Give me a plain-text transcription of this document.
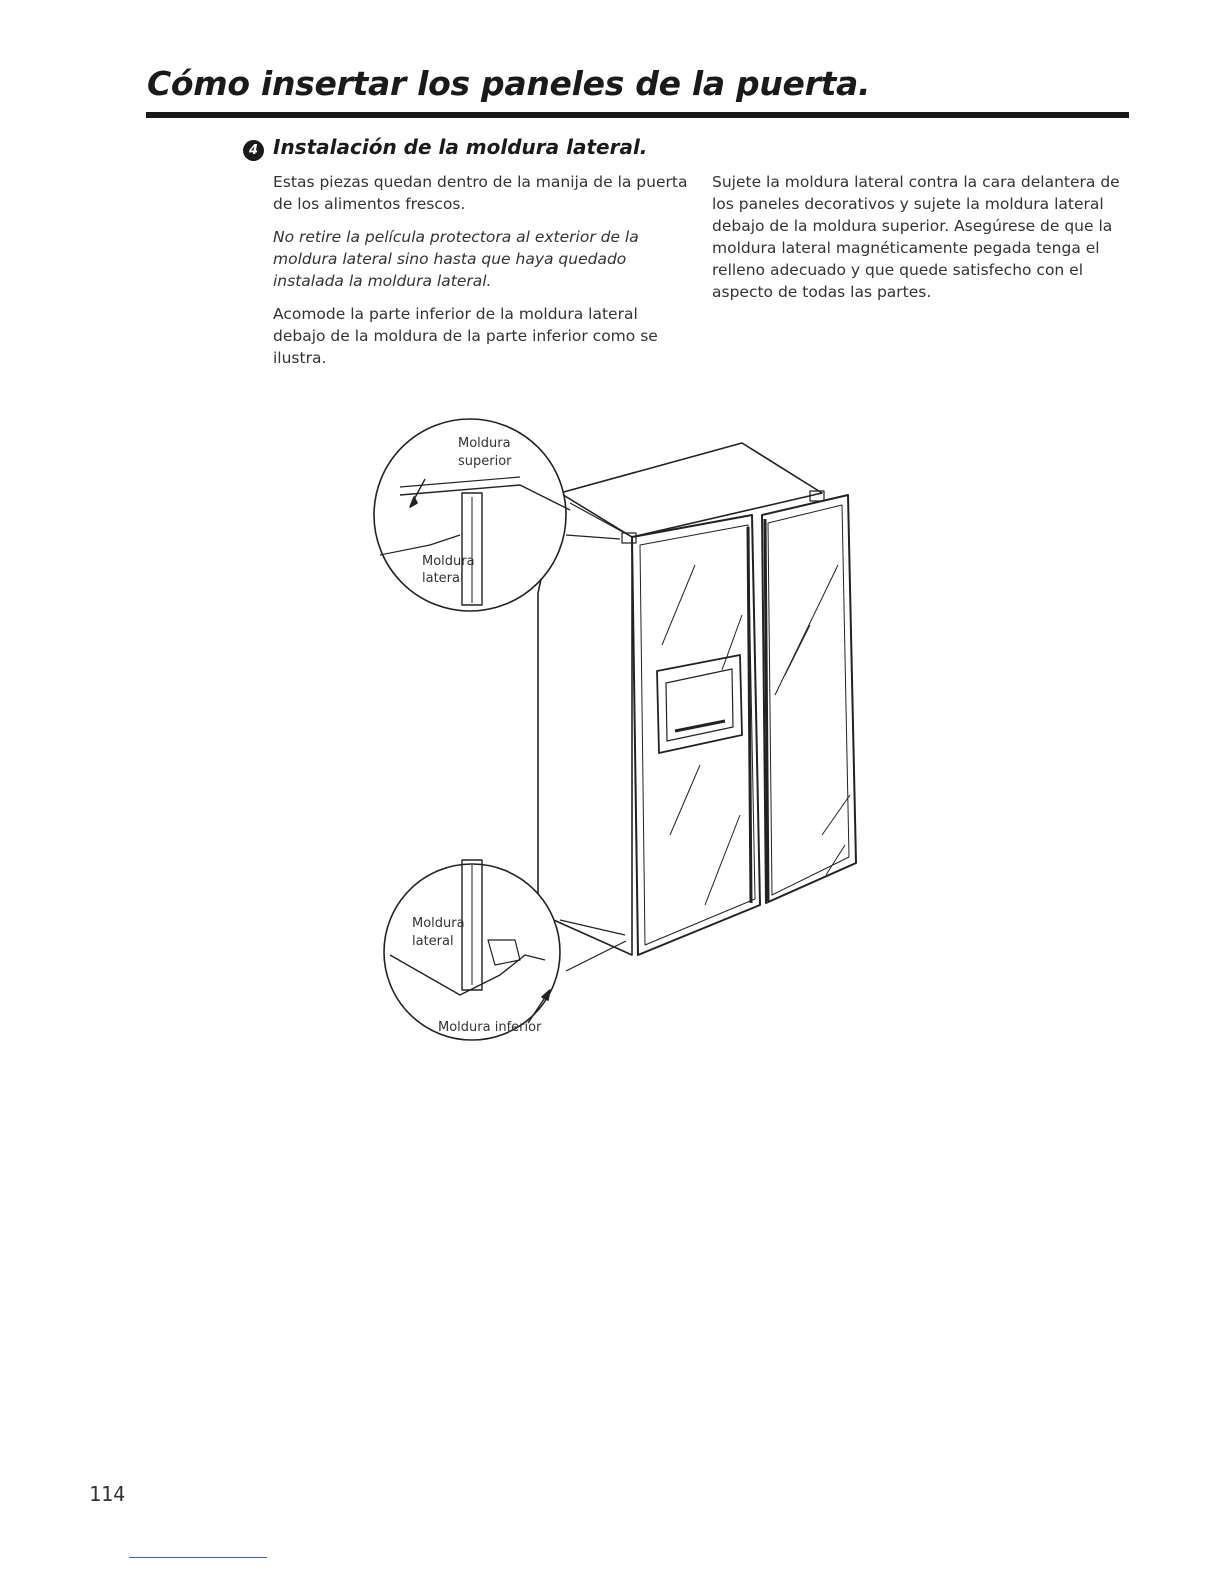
Cómo insertar los paneles de la puerta.
4 Instalación de la moldura lateral.

Estas piezas quedan dentro de la manija de la puerta de los alimentos frescos.

No retire la película protectora al exterior de la moldura lateral sino hasta que haya quedado instalada la moldura lateral.

Acomode la parte inferior de la moldura lateral debajo de la moldura de la parte inferior como se ilustra.

Sujete la moldura lateral contra la cara delantera de los paneles decorativos y sujete la moldura lateral debajo de la moldura superior. Asegúrese de que la moldura lateral magnéticamente pegada tenga el relleno adecuado y que quede satisfecho con el aspecto de todas las partes.

Moldura
superior
Moldura
lateral
Moldura
lateral
Moldura inferior
114
